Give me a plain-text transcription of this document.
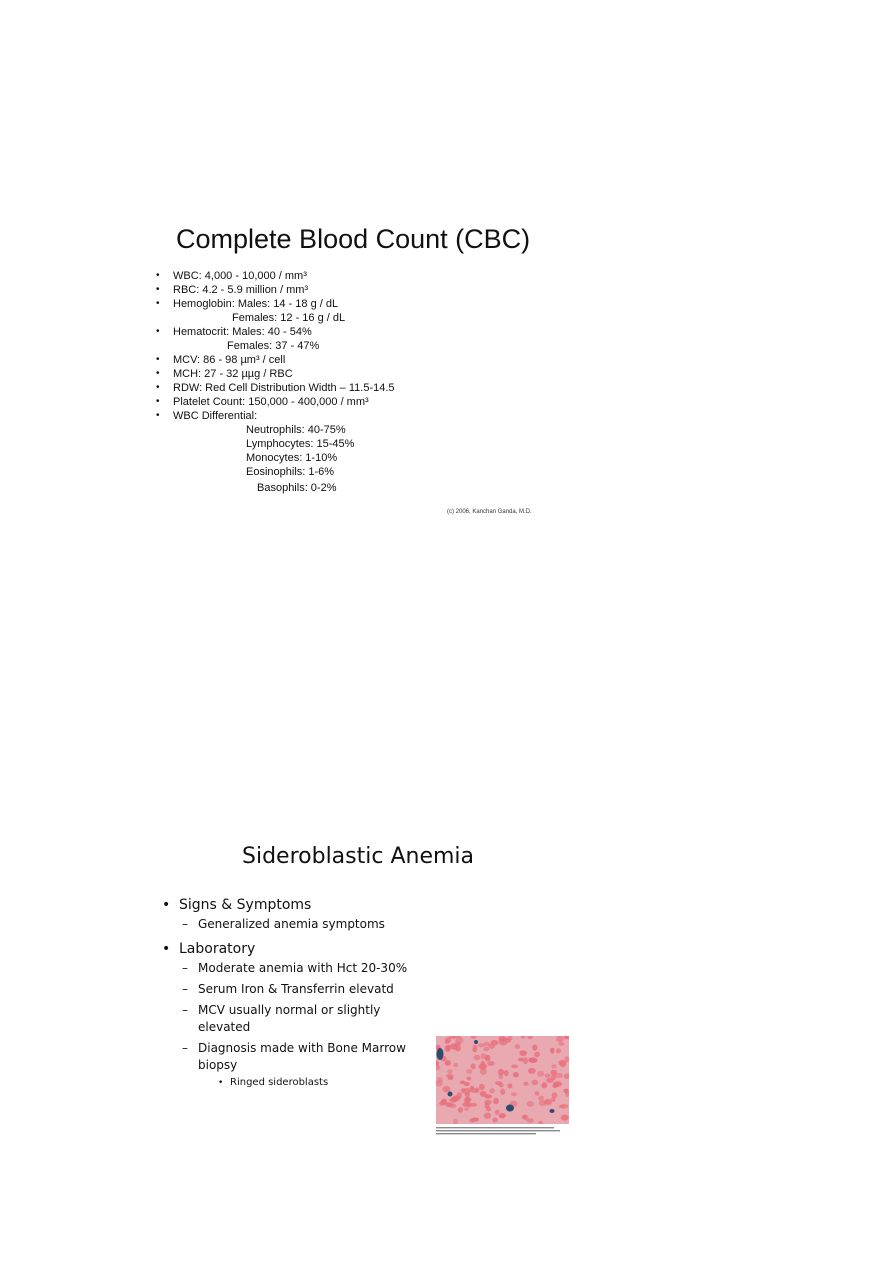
Complete Blood Count (CBC)
• WBC: 4,000 - 10,000 / mm³
• RBC: 4.2 - 5.9 million / mm³
• Hemoglobin: Males: 14 - 18 g / dL
Females: 12 - 16 g / dL
• Hematocrit: Males: 40 - 54%
Females: 37 - 47%
• MCV: 86 - 98 µm³ / cell
• MCH: 27 - 32 µµg / RBC
• RDW: Red Cell Distribution Width – 11.5-14.5
• Platelet Count: 150,000 - 400,000 / mm³
• WBC Differential:
Neutrophils: 40-75%
Lymphocytes: 15-45%
Monocytes: 1-10%
Eosinophils: 1-6%
Basophils: 0-2%
(c) 2006, Kanchan Ganda, M.D.
Sideroblastic Anemia
• Signs & Symptoms
– Generalized anemia symptoms
• Laboratory
– Moderate anemia with Hct 20-30%
– Serum Iron & Transferrin elevatd
– MCV usually normal or slightly elevated
– Diagnosis made with Bone Marrow biopsy
• Ringed sideroblasts
